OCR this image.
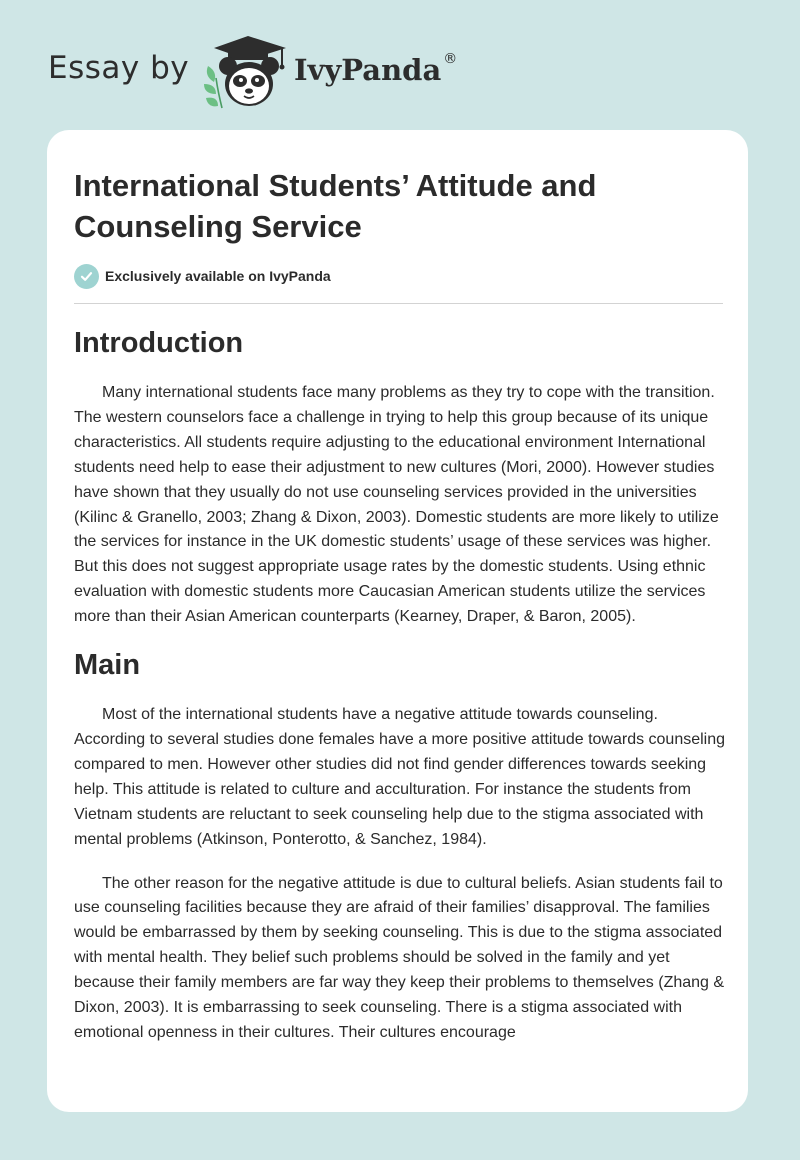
Essay by	IvyPanda ®
International Students’ Attitude and Counseling Service
Exclusively available on IvyPanda
Introduction

Many international students face many problems as they try to cope with the transition. The western counselors face a challenge in trying to help this group because of its unique characteristics. All students require adjusting to the educational environment International students need help to ease their adjustment to new cultures (Mori, 2000). However studies have shown that they usually do not use counseling services provided in the universities (Kilinc & Granello, 2003; Zhang & Dixon, 2003). Domestic students are more likely to utilize the services for instance in the UK domestic students’ usage of these services was higher. But this does not suggest appropriate usage rates by the domestic students. Using ethnic evaluation with domestic students more Caucasian American students utilize the services more than their Asian American counterparts (Kearney, Draper, & Baron, 2005).

Main

Most of the international students have a negative attitude towards counseling. According to several studies done females have a more positive attitude towards counseling compared to men. However other studies did not find gender differences towards seeking help. This attitude is related to culture and acculturation. For instance the students from Vietnam students are reluctant to seek counseling help due to the stigma associated with mental problems (Atkinson, Ponterotto, & Sanchez, 1984).

The other reason for the negative attitude is due to cultural beliefs. Asian students fail to use counseling facilities because they are afraid of their families’ disapproval. The families would be embarrassed by them by seeking counseling. This is due to the stigma associated with mental health. They belief such problems should be solved in the family and yet because their family members are far way they keep their problems to themselves (Zhang & Dixon, 2003). It is embarrassing to seek counseling. There is a stigma associated with emotional openness in their cultures. Their cultures encourage
